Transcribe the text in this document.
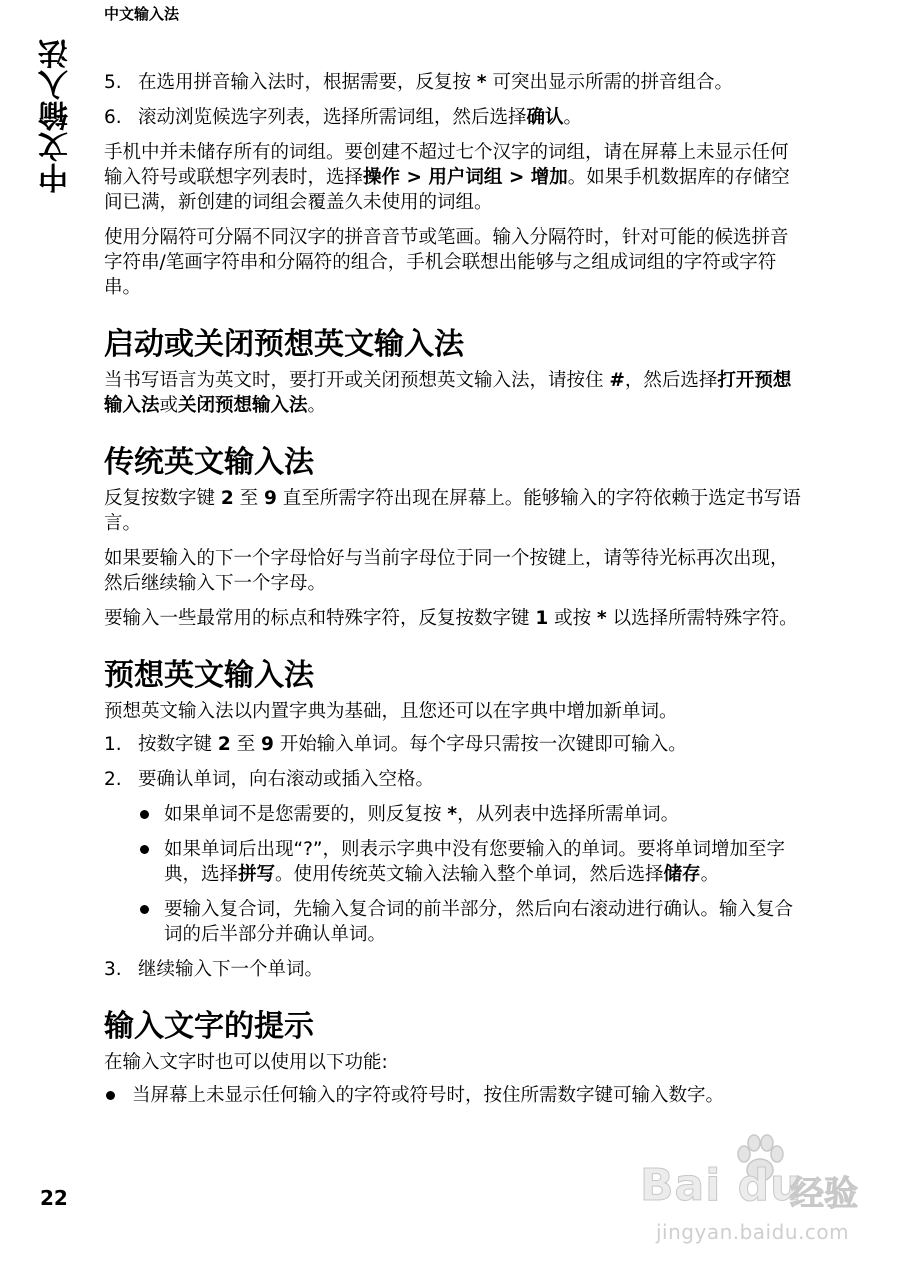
中文输入法
中文输入法 5. 在选用拼音输入法时，根据需要，反复按 * 可突出显示所需的拼音组合。
6. 滚动浏览候选字列表，选择所需词组，然后选择确认。

手机中并未储存所有的词组。要创建不超过七个汉字的词组，请在屏幕上未显示任何输入符号或联想字列表时，选择操作 > 用户词组 > 增加。如果手机数据库的存储空间已满，新创建的词组会覆盖久未使用的词组。

使用分隔符可分隔不同汉字的拼音音节或笔画。输入分隔符时，针对可能的候选拼音字符串/笔画字符串和分隔符的组合，手机会联想出能够与之组成词组的字符或字符串。

启动或关闭预想英文输入法

当书写语言为英文时，要打开或关闭预想英文输入法，请按住 #，然后选择打开预想输入法或关闭预想输入法。

传统英文输入法

反复按数字键 2 至 9 直至所需字符出现在屏幕上。能够输入的字符依赖于选定书写语言。

如果要输入的下一个字母恰好与当前字母位于同一个按键上，请等待光标再次出现，然后继续输入下一个字母。

要输入一些最常用的标点和特殊字符，反复按数字键 1 或按 * 以选择所需特殊字符。

预想英文输入法

预想英文输入法以内置字典为基础，且您还可以在字典中增加新单词。

1. 按数字键 2 至 9 开始输入单词。每个字母只需按一次键即可输入。
2. 要确认单词，向右滚动或插入空格。
如果单词不是您需要的，则反复按 *，从列表中选择所需单词。
如果单词后出现“?”，则表示字典中没有您要输入的单词。要将单词增加至字典，选择拼写。使用传统英文输入法输入整个单词，然后选择储存。
要输入复合词，先输入复合词的前半部分，然后向右滚动进行确认。输入复合词的后半部分并确认单词。
3. 继续输入下一个单词。
输入文字的提示

在输入文字时也可以使用以下功能:

当屏幕上未显示任何输入的字符或符号时，按住所需数字键可输入数字。
22	Bai du
经验
jingyan.baidu.com
